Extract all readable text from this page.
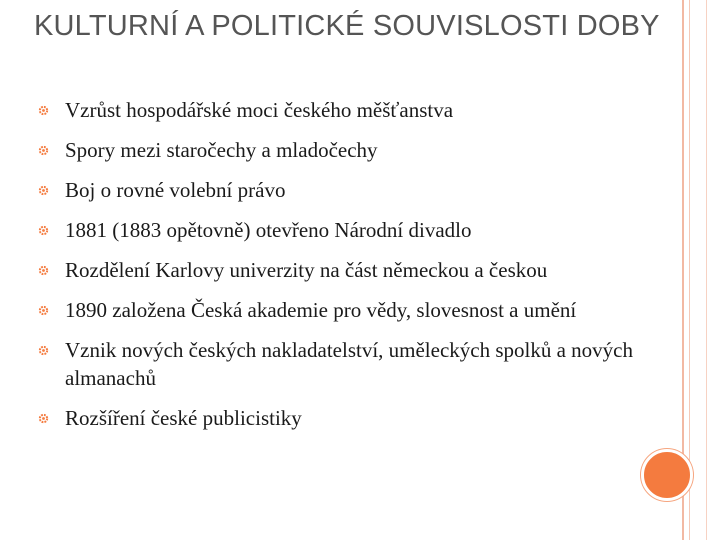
KULTURNÍ A POLITICKÉ SOUVISLOSTI DOBY
Vzrůst hospodářské moci českého měšťanstva
Spory mezi staročechy a mladočechy
Boj o rovné volební právo
1881 (1883 opětovně) otevřeno Národní divadlo
Rozdělení Karlovy univerzity na část německou a českou
1890 založena Česká akademie pro vědy, slovesnost a umění
Vznik nových českých nakladatelství, uměleckých spolků a nových almanachů
Rozšíření české publicistiky
